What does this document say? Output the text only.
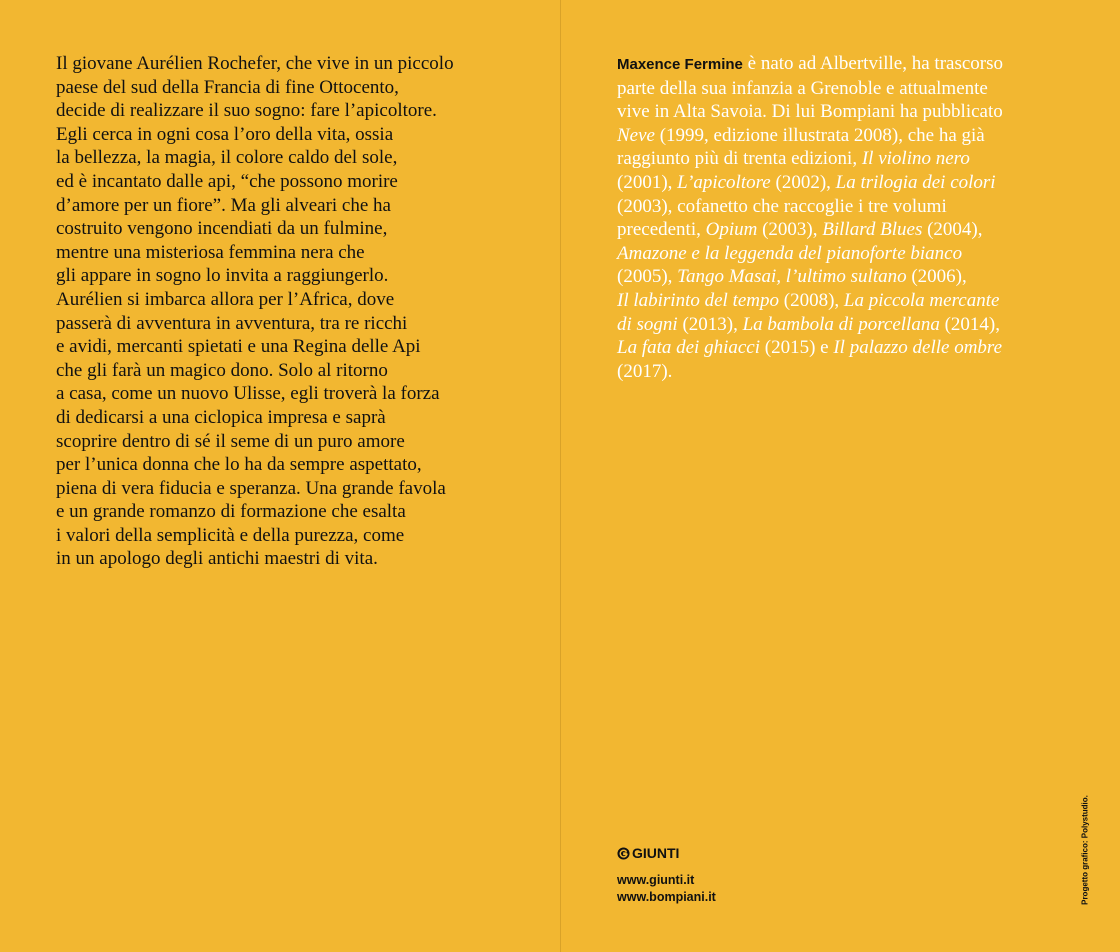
Il giovane Aurélien Rochefer, che vive in un piccolo
paese del sud della Francia di fine Ottocento,
decide di realizzare il suo sogno: fare l’apicoltore.
Egli cerca in ogni cosa l’oro della vita, ossia
la bellezza, la magia, il colore caldo del sole,
ed è incantato dalle api, “che possono morire
d’amore per un fiore”. Ma gli alveari che ha
costruito vengono incendiati da un fulmine,
mentre una misteriosa femmina nera che
gli appare in sogno lo invita a raggiungerlo.
Aurélien si imbarca allora per l’Africa, dove
passerà di avventura in avventura, tra re ricchi
e avidi, mercanti spietati e una Regina delle Api
che gli farà un magico dono. Solo al ritorno
a casa, come un nuovo Ulisse, egli troverà la forza
di dedicarsi a una ciclopica impresa e saprà
scoprire dentro di sé il seme di un puro amore
per l’unica donna che lo ha da sempre aspettato,
piena di vera fiducia e speranza. Una grande favola
e un grande romanzo di formazione che esalta
i valori della semplicità e della purezza, come
in un apologo degli antichi maestri di vita.
Maxence Fermine è nato ad Albertville, ha trascorso
parte della sua infanzia a Grenoble e attualmente
vive in Alta Savoia. Di lui Bompiani ha pubblicato
Neve (1999, edizione illustrata 2008), che ha già
raggiunto più di trenta edizioni, Il violino nero
(2001), L’apicoltore (2002), La trilogia dei colori
(2003), cofanetto che raccoglie i tre volumi
precedenti, Opium (2003), Billard Blues (2004),
Amazone e la leggenda del pianoforte bianco
(2005), Tango Masai, l’ultimo sultano (2006),
Il labirinto del tempo (2008), La piccola mercante
di sogni (2013), La bambola di porcellana (2014),
La fata dei ghiacci (2015) e Il palazzo delle ombre
(2017).
GIUNTI
www.giunti.it
www.bompiani.it	Progetto grafico: Polystudio.
